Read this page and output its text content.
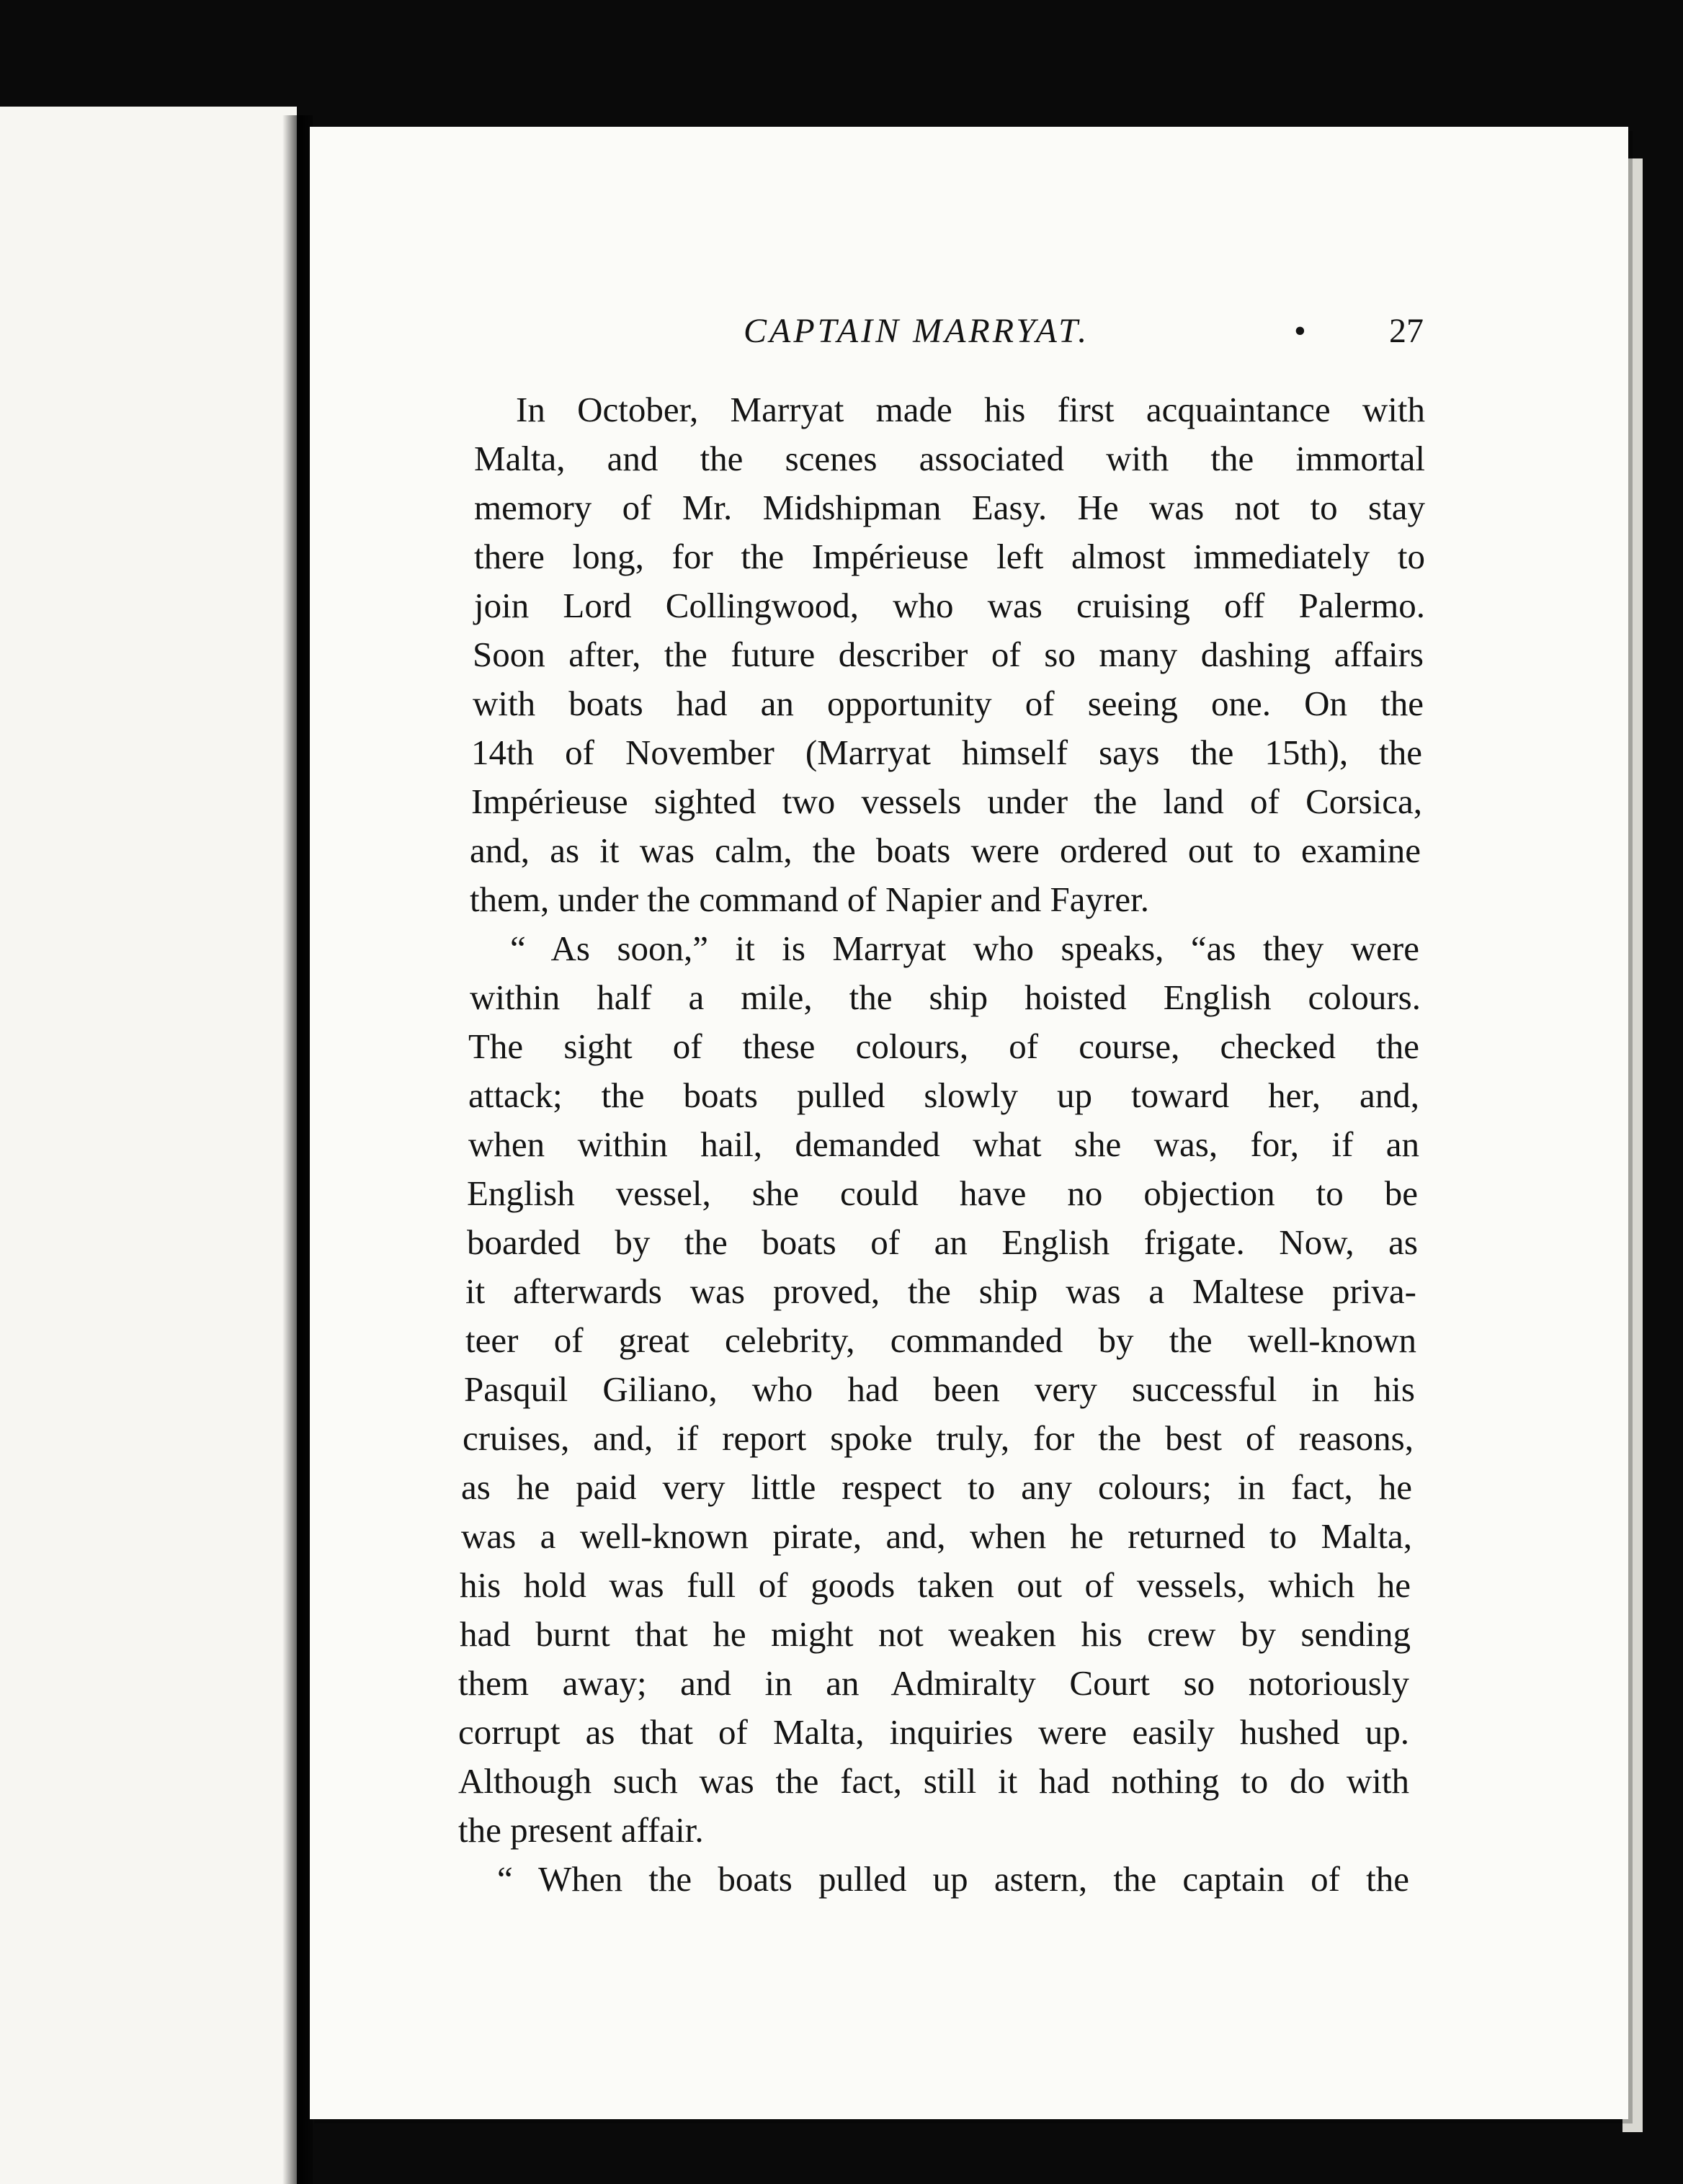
CAPTAIN MARRYAT.	• 27
In October, Marryat made his first acquaintance with
Malta, and the scenes associated with the immortal
memory of Mr. Midshipman Easy. He was not to stay
there long, for the Impérieuse left almost immediately to
join Lord Collingwood, who was cruising off Palermo.
Soon after, the future describer of so many dashing affairs
with boats had an opportunity of seeing one. On the
14th of November (Marryat himself says the 15th), the
Impérieuse sighted two vessels under the land of Corsica,
and, as it was calm, the boats were ordered out to examine
them, under the command of Napier and Fayrer.
“ As soon,” it is Marryat who speaks, “as they were
within half a mile, the ship hoisted English colours.
The sight of these colours, of course, checked the
attack; the boats pulled slowly up toward her, and,
when within hail, demanded what she was, for, if an
English vessel, she could have no objection to be
boarded by the boats of an English frigate. Now, as
it afterwards was proved, the ship was a Maltese priva-
teer of great celebrity, commanded by the well-known
Pasquil Giliano, who had been very successful in his
cruises, and, if report spoke truly, for the best of reasons,
as he paid very little respect to any colours; in fact, he
was a well-known pirate, and, when he returned to Malta,
his hold was full of goods taken out of vessels, which he
had burnt that he might not weaken his crew by sending
them away; and in an Admiralty Court so notoriously
corrupt as that of Malta, inquiries were easily hushed up.
Although such was the fact, still it had nothing to do with
the present affair.
“ When the boats pulled up astern, the captain of the
